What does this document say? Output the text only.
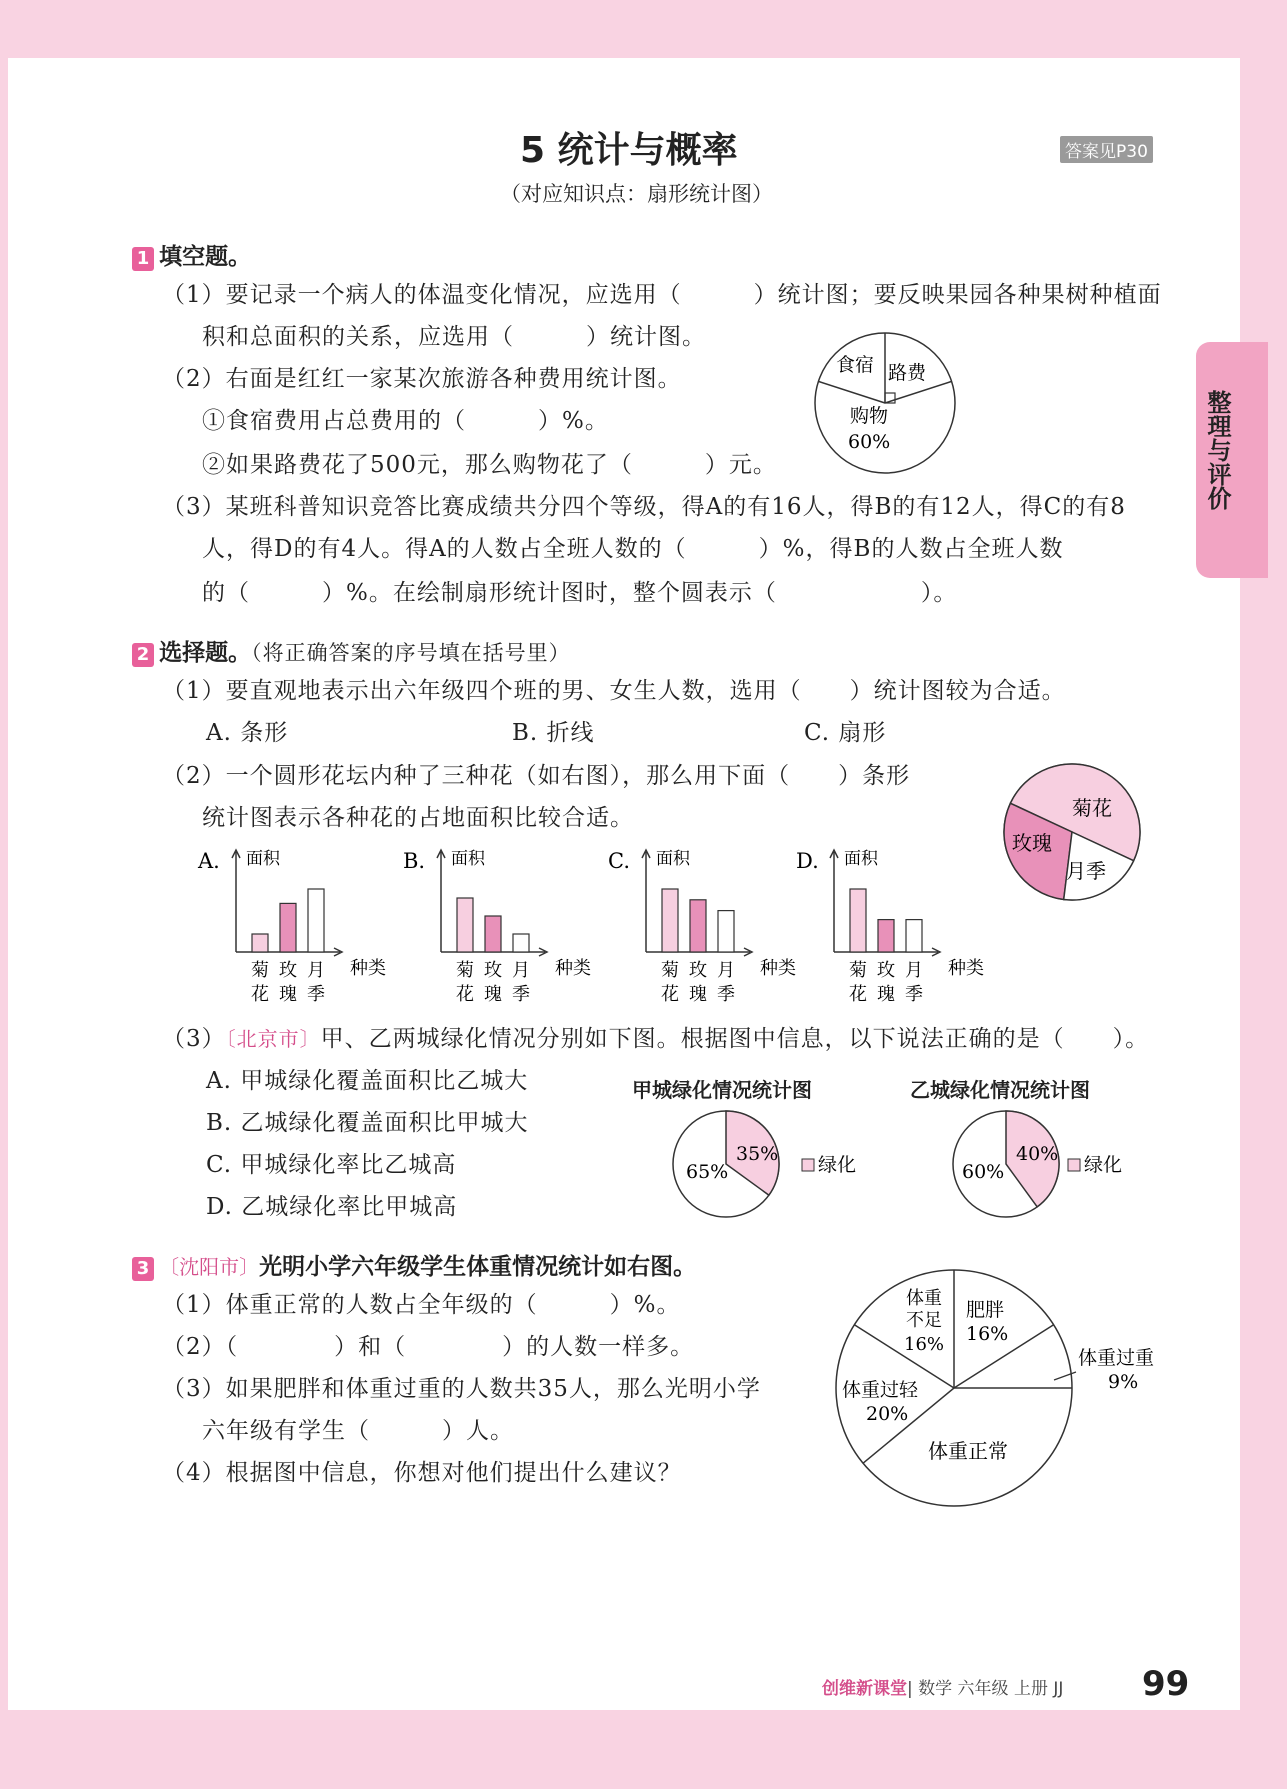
5 统计与概率	答案见P30
（对应知识点：扇形统计图）
整理与评价
1 填空题。
（1）要记录一个病人的体温变化情况，应选用（　　　）统计图；要反映果园各种果树种植面
积和总面积的关系，应选用（　　　）统计图。
（2）右面是红红一家某次旅游各种费用统计图。
①食宿费用占总费用的（　　　）%。
②如果路费花了500元，那么购物花了（　　　）元。
（3）某班科普知识竞答比赛成绩共分四个等级，得A的有16人，得B的有12人，得C的有8
人，得D的有4人。得A的人数占全班人数的（　　　）%，得B的人数占全班人数
的（　　　）%。在绘制扇形统计图时，整个圆表示（　　　　　　）。
食宿 路费
购物
60%
2 选择题。（将正确答案的序号填在括号里）
（1）要直观地表示出六年级四个班的男、女生人数，选用（　　）统计图较为合适。
A. 条形	B. 折线	C. 扇形
（2）一个圆形花坛内种了三种花（如右图），那么用下面（　　）条形
统计图表示各种花的占地面积比较合适。	菊花
玫瑰
月季
A. 面积
种类
菊
花
玫
瑰
月
季
B. 面积
种类
菊
花
玫
瑰
月
季
C. 面积
种类
菊
花
玫
瑰
月
季
D. 面积
种类
菊
花
玫
瑰
月
季
（3）〔北京市〕甲、乙两城绿化情况分别如下图。根据图中信息，以下说法正确的是（　　）。
A. 甲城绿化覆盖面积比乙城大
B. 乙城绿化覆盖面积比甲城大
C. 甲城绿化率比乙城高
D. 乙城绿化率比甲城高
甲城绿化情况统计图	乙城绿化情况统计图
35%
65%	绿化	40%
60%	绿化
3 〔沈阳市〕光明小学六年级学生体重情况统计如右图。
（1）体重正常的人数占全年级的（　　　）%。
（2）（　　　　）和（　　　　）的人数一样多。
（3）如果肥胖和体重过重的人数共35人，那么光明小学
六年级有学生（　　　）人。
（4）根据图中信息，你想对他们提出什么建议？
体重
不足
16%
肥胖
16%
体重过重
9%
体重过轻
20%
体重正常
创维新课堂| 数学 六年级 上册 JJ 99
